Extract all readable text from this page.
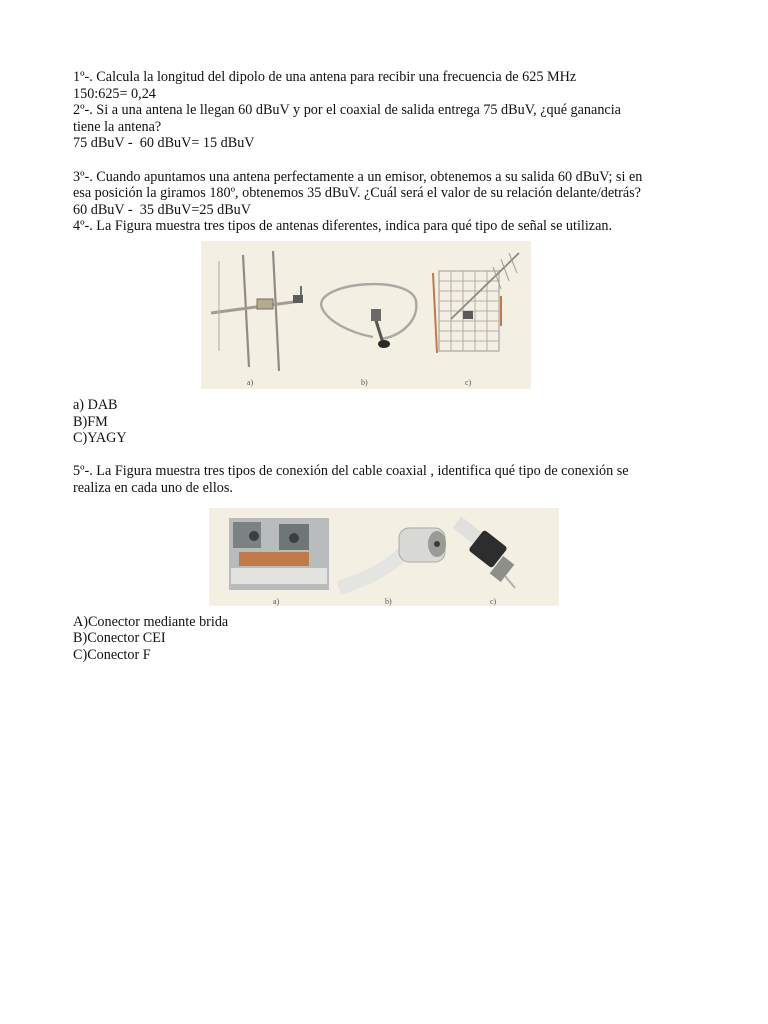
1º-. Calcula la longitud del dipolo de una antena para recibir una frecuencia de 625 MHz
150:625= 0,24
2º-. Si a una antena le llegan 60 dBuV y por el coaxial de salida entrega 75 dBuV, ¿qué ganancia
tiene la antena?
75 dBuV -  60 dBuV= 15 dBuV
3º-. Cuando apuntamos una antena perfectamente a un emisor, obtenemos a su salida 60 dBuV; si en
esa posición la giramos 180º, obtenemos 35 dBuV. ¿Cuál será el valor de su relación delante/detrás?
60 dBuV -  35 dBuV=25 dBuV
4º-. La Figura muestra tres tipos de antenas diferentes, indica para qué tipo de señal se utilizan.
a)	b)	c)
a) DAB
B)FM
C)YAGY
5º-. La Figura muestra tres tipos de conexión del cable coaxial , identifica qué tipo de conexión se
realiza en cada uno de ellos.
a)	b)	c)
A)Conector mediante brida
B)Conector CEI
C)Conector F
